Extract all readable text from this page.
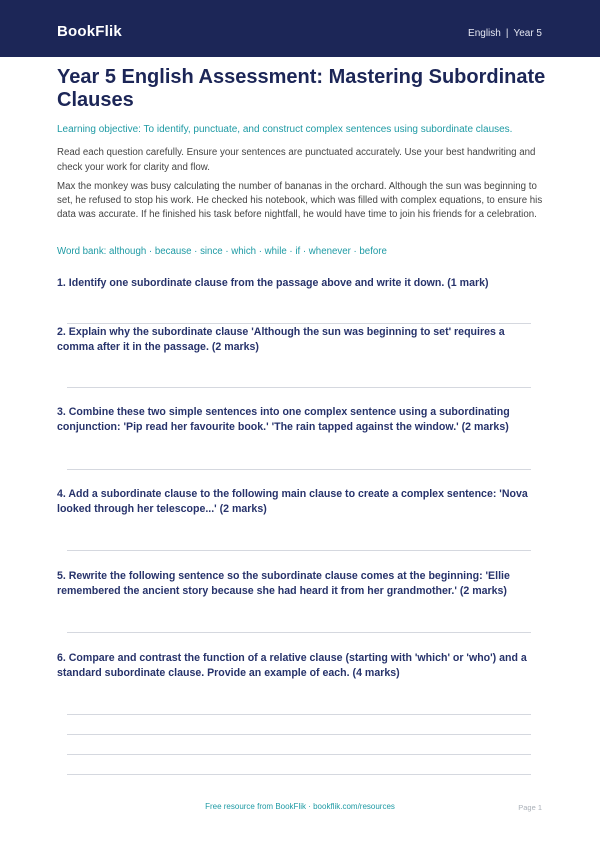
BookFlik	English | Year 5
Year 5 English Assessment: Mastering Subordinate Clauses
Learning objective: To identify, punctuate, and construct complex sentences using subordinate clauses.
Read each question carefully. Ensure your sentences are punctuated accurately. Use your best handwriting and check your work for clarity and flow.
Max the monkey was busy calculating the number of bananas in the orchard. Although the sun was beginning to set, he refused to stop his work. He checked his notebook, which was filled with complex equations, to ensure his data was accurate. If he finished his task before nightfall, he would have time to join his friends for a celebration.
Word bank: although · because · since · which · while · if · whenever · before
1. Identify one subordinate clause from the passage above and write it down. (1 mark)
2. Explain why the subordinate clause 'Although the sun was beginning to set' requires a comma after it in the passage. (2 marks)
3. Combine these two simple sentences into one complex sentence using a subordinating conjunction: 'Pip read her favourite book.' 'The rain tapped against the window.' (2 marks)
4. Add a subordinate clause to the following main clause to create a complex sentence: 'Nova looked through her telescope...' (2 marks)
5. Rewrite the following sentence so the subordinate clause comes at the beginning: 'Ellie remembered the ancient story because she had heard it from her grandmother.' (2 marks)
6. Compare and contrast the function of a relative clause (starting with 'which' or 'who') and a standard subordinate clause. Provide an example of each. (4 marks)
Free resource from BookFlik · bookflik.com/resources	Page 1
